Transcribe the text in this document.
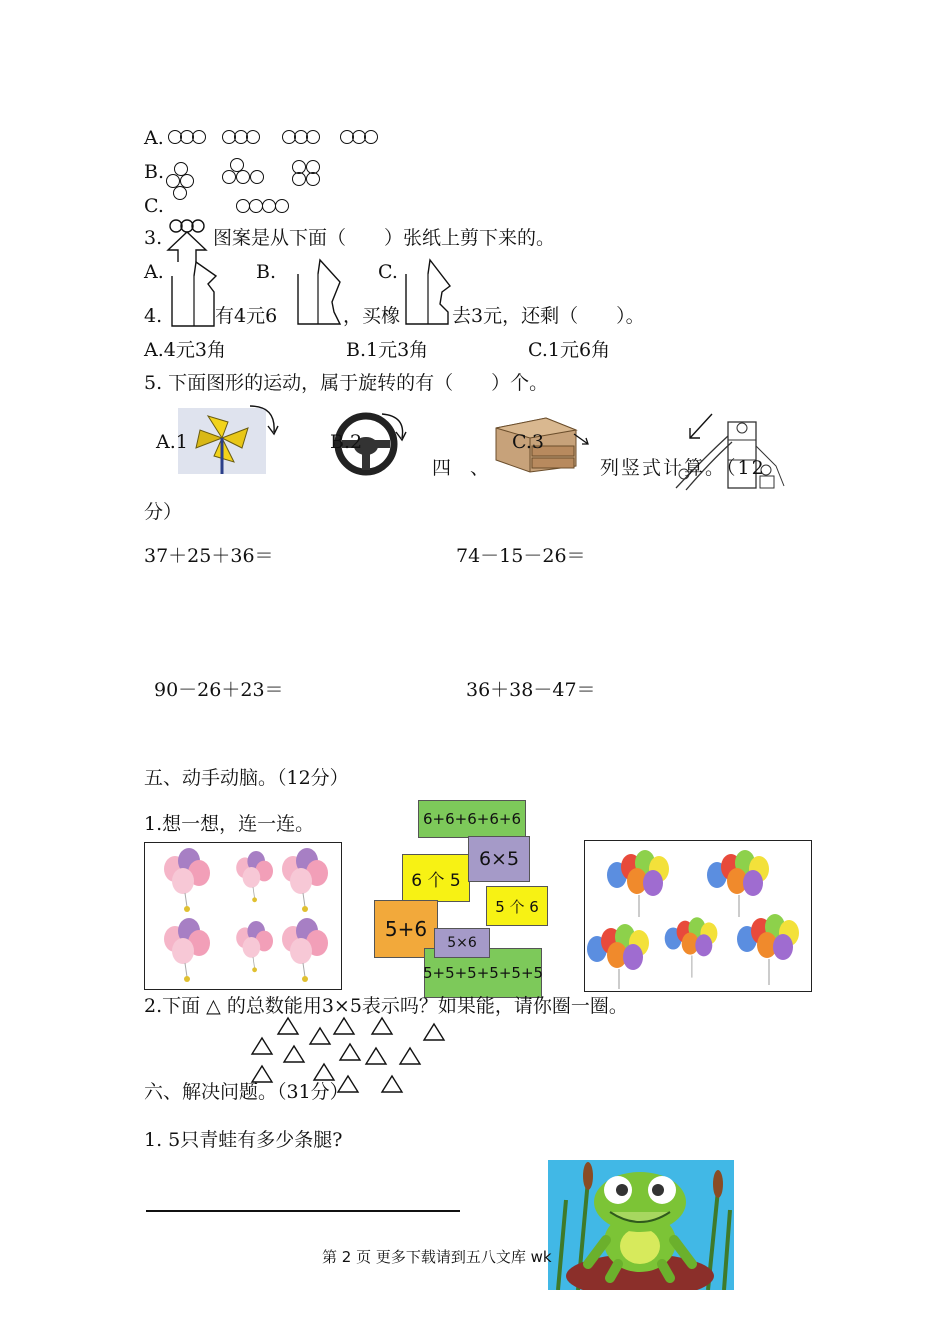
A.
B.
C.
3.	图案是从下面（　　）张纸上剪下来的。
A.	B.	C.
4.	有4元6	，买橡	去3元，还剩（　　）。
A.4元3角	B.1元3角	C.1元6角
5. 下面图形的运动，属于旋转的有（　　）个。
A.1	B.2	C.3
四　、	列竖式计算。（12
分）
37＋25＋36＝	74－15－26＝
90－26＋23＝	36＋38－47＝
五、动手动脑。（12分）
1.想一想，连一连。	6+6+6+6+6
6 个 5
6×5
5 个 6
5+6
5+5+5+5+5+5
5×6
2.下面 △ 的总数能用3×5表示吗？如果能，请你圈一圈。
六、解决问题。（31分）
1. 5只青蛙有多少条腿?
第 2 页 更多下载请到五八文库 wk
